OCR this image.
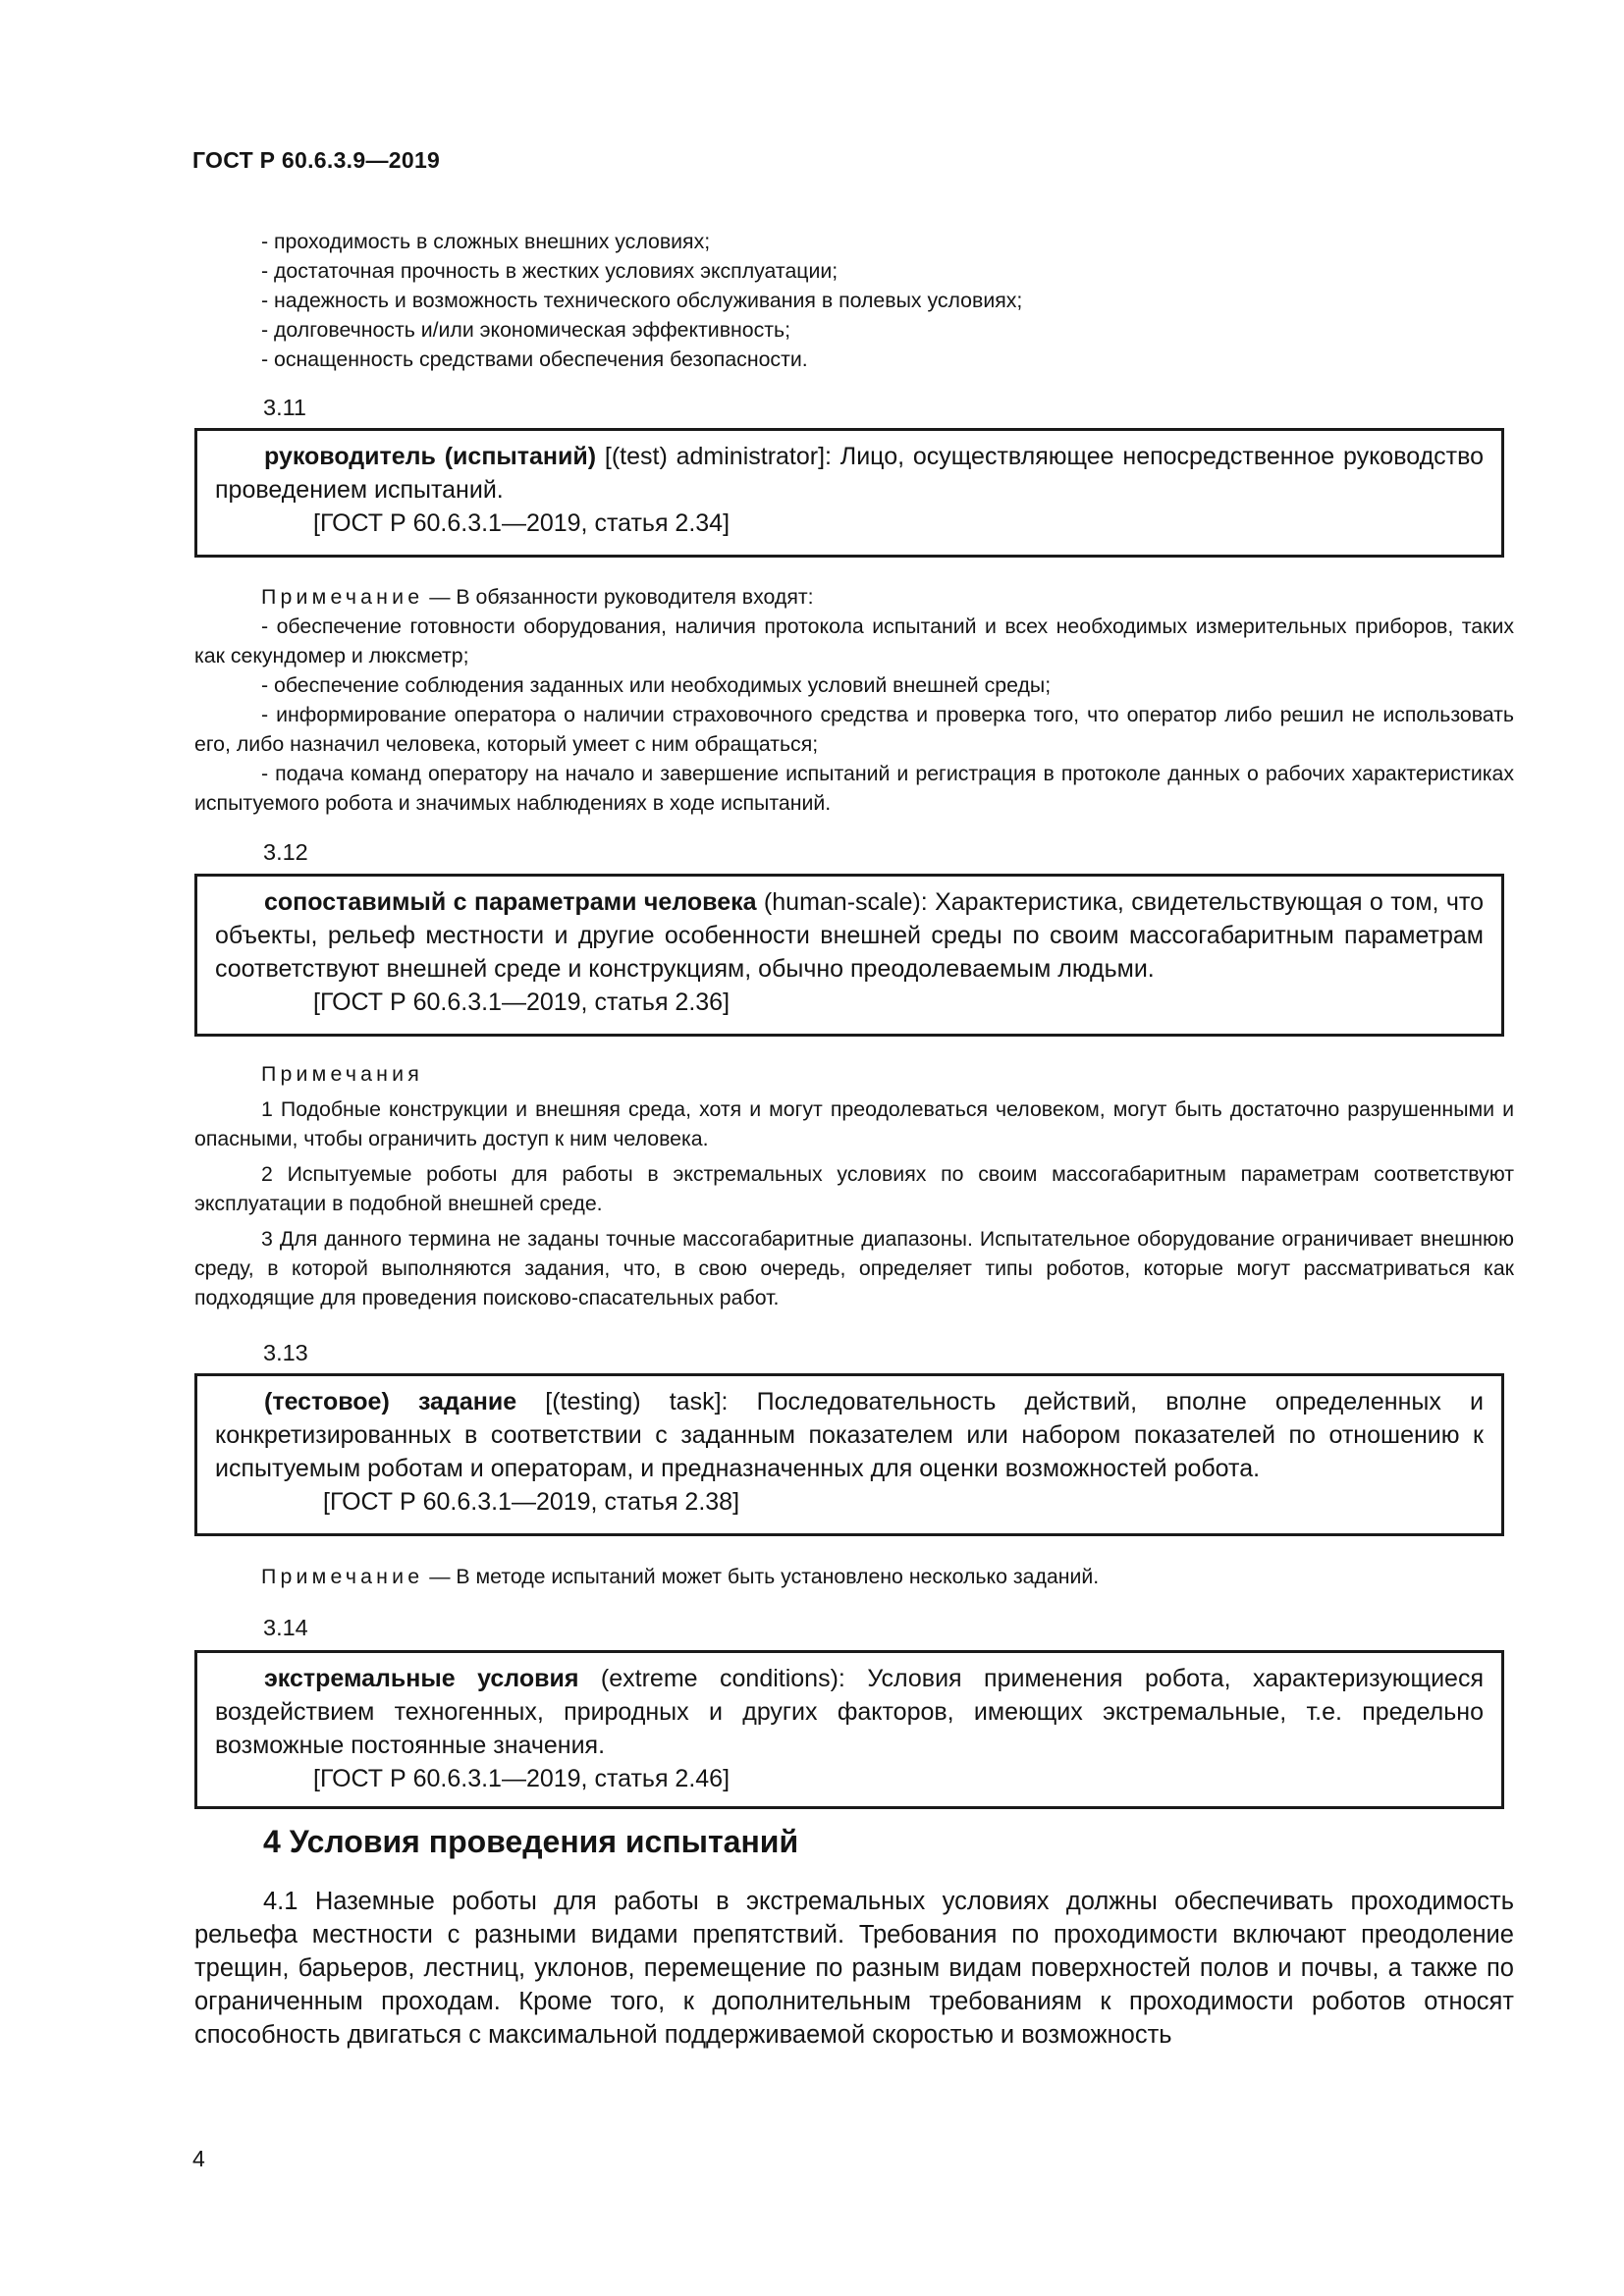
ГОСТ Р 60.6.3.9—2019

- проходимость в сложных внешних условиях;

- достаточная прочность в жестких условиях эксплуатации;

- надежность и возможность технического обслуживания в полевых условиях;

- долговечность и/или экономическая эффективность;

- оснащенность средствами обеспечения безопасности.

3.11

руководитель (испытаний) [(test) administrator]: Лицо, осуществляющее непосредственное руководство проведением испытаний.

[ГОСТ Р 60.6.3.1—2019, статья 2.34]

Примечание — В обязанности руководителя входят:

- обеспечение готовности оборудования, наличия протокола испытаний и всех необходимых измерительных приборов, таких как секундомер и люксметр;

- обеспечение соблюдения заданных или необходимых условий внешней среды;

- информирование оператора о наличии страховочного средства и проверка того, что оператор либо решил не использовать его, либо назначил человека, который умеет с ним обращаться;

- подача команд оператору на начало и завершение испытаний и регистрация в протоколе данных о рабочих характеристиках испытуемого робота и значимых наблюдениях в ходе испытаний.

3.12

сопоставимый с параметрами человека (human-scale): Характеристика, свидетельствующая о том, что объекты, рельеф местности и другие особенности внешней среды по своим массогабаритным параметрам соответствуют внешней среде и конструкциям, обычно преодолеваемым людьми.

[ГОСТ Р 60.6.3.1—2019, статья 2.36]

Примечания

1 Подобные конструкции и внешняя среда, хотя и могут преодолеваться человеком, могут быть достаточно разрушенными и опасными, чтобы ограничить доступ к ним человека.

2 Испытуемые роботы для работы в экстремальных условиях по своим массогабаритным параметрам соответствуют эксплуатации в подобной внешней среде.

3 Для данного термина не заданы точные массогабаритные диапазоны. Испытательное оборудование ограничивает внешнюю среду, в которой выполняются задания, что, в свою очередь, определяет типы роботов, которые могут рассматриваться как подходящие для проведения поисково-спасательных работ.

3.13

(тестовое) задание [(testing) task]: Последовательность действий, вполне определенных и конкретизированных в соответствии с заданным показателем или набором показателей по отношению к испытуемым роботам и операторам, и предназначенных для оценки возможностей робота.

[ГОСТ Р 60.6.3.1—2019, статья 2.38]

Примечание — В методе испытаний может быть установлено несколько заданий.

3.14

экстремальные условия (extreme conditions): Условия применения робота, характеризующиеся воздействием техногенных, природных и других факторов, имеющих экстремальные, т.е. предельно возможные постоянные значения.

[ГОСТ Р 60.6.3.1—2019, статья 2.46]

4 Условия проведения испытаний
4.1 Наземные роботы для работы в экстремальных условиях должны обеспечивать проходимость рельефа местности с разными видами препятствий. Требования по проходимости включают преодоление трещин, барьеров, лестниц, уклонов, перемещение по разным видам поверхностей полов и почвы, а также по ограниченным проходам. Кроме того, к дополнительным требованиям к проходимости роботов относят способность двигаться с максимальной поддерживаемой скоростью и возможность
4
